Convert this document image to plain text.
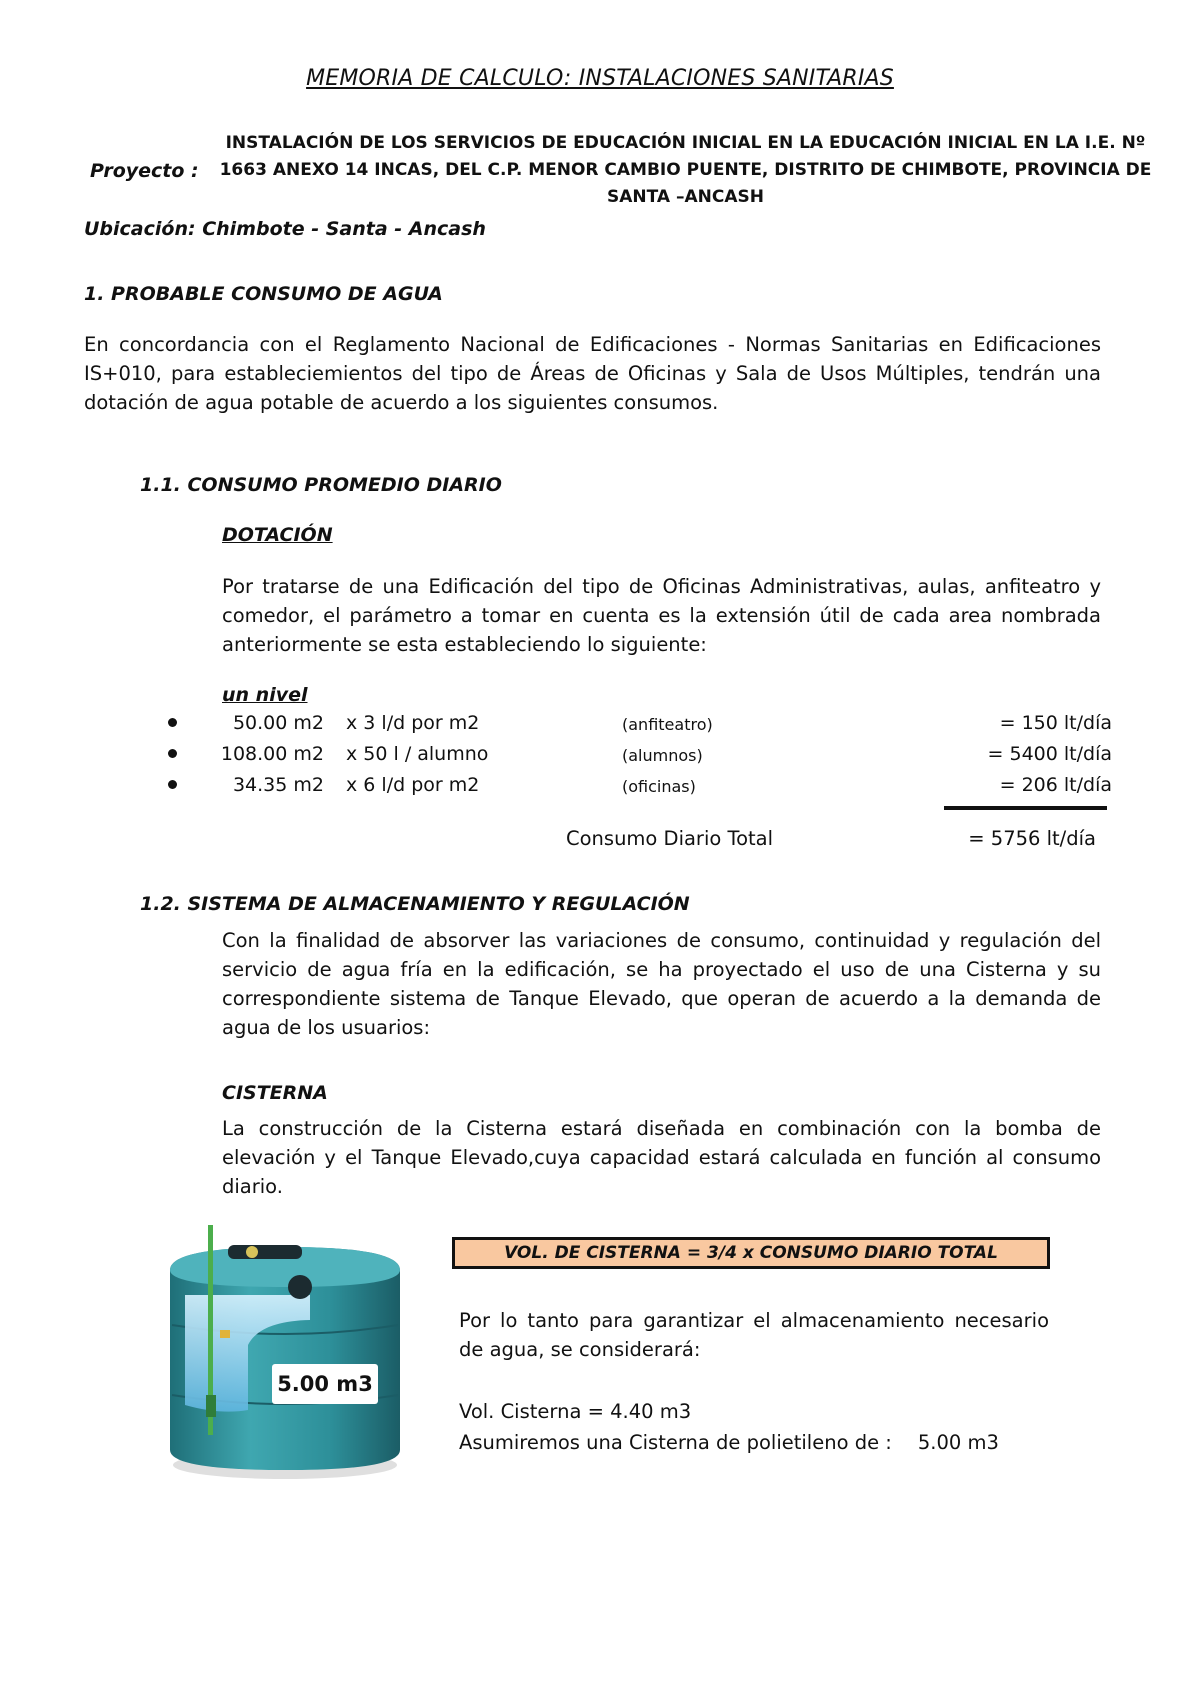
MEMORIA DE CALCULO: INSTALACIONES SANITARIAS
Proyecto :
INSTALACIÓN DE LOS SERVICIOS DE EDUCACIÓN INICIAL EN LA EDUCACIÓN INICIAL EN LA I.E. Nº 1663 ANEXO 14 INCAS, DEL C.P. MENOR CAMBIO PUENTE, DISTRITO DE CHIMBOTE, PROVINCIA DE SANTA –ANCASH
Ubicación: Chimbote - Santa - Ancash
1. PROBABLE CONSUMO DE AGUA
En concordancia con el Reglamento Nacional de Edificaciones - Normas Sanitarias en Edificaciones IS+010, para estableciemientos del tipo de Áreas de Oficinas y Sala de Usos Múltiples, tendrán una dotación de agua potable de acuerdo a los siguientes consumos.
1.1. CONSUMO PROMEDIO DIARIO
DOTACIÓN
Por tratarse de una Edificación del tipo de Oficinas Administrativas, aulas, anfiteatro y comedor, el parámetro a tomar en cuenta es la extensión útil de cada area nombrada anteriormente se esta estableciendo lo siguiente:
un nivel
50.00 m2 x 3 l/d por m2	(anfiteatro)	= 150 lt/día
108.00 m2 x 50 l / alumno	(alumnos)	= 5400 lt/día
34.35 m2 x 6 l/d por m2	(oficinas)	= 206 lt/día
Consumo Diario Total	= 5756 lt/día
1.2. SISTEMA DE ALMACENAMIENTO Y REGULACIÓN
Con la finalidad de absorver las variaciones de consumo, continuidad y regulación del servicio de agua fría en la edificación, se ha proyectado el uso de una Cisterna y su correspondiente sistema de Tanque Elevado, que operan de acuerdo a la demanda de agua de los usuarios:
CISTERNA
La construcción de la Cisterna estará diseñada en combinación con la bomba de elevación y el Tanque Elevado,cuya capacidad estará calculada en función al consumo diario.
5.00 m3
VOL. DE CISTERNA = 3/4 x CONSUMO DIARIO TOTAL
Por lo tanto para garantizar el almacenamiento necesario de agua, se considerará:
Vol. Cisterna = 4.40 m3
Asumiremos una Cisterna de polietileno de : 5.00 m3
